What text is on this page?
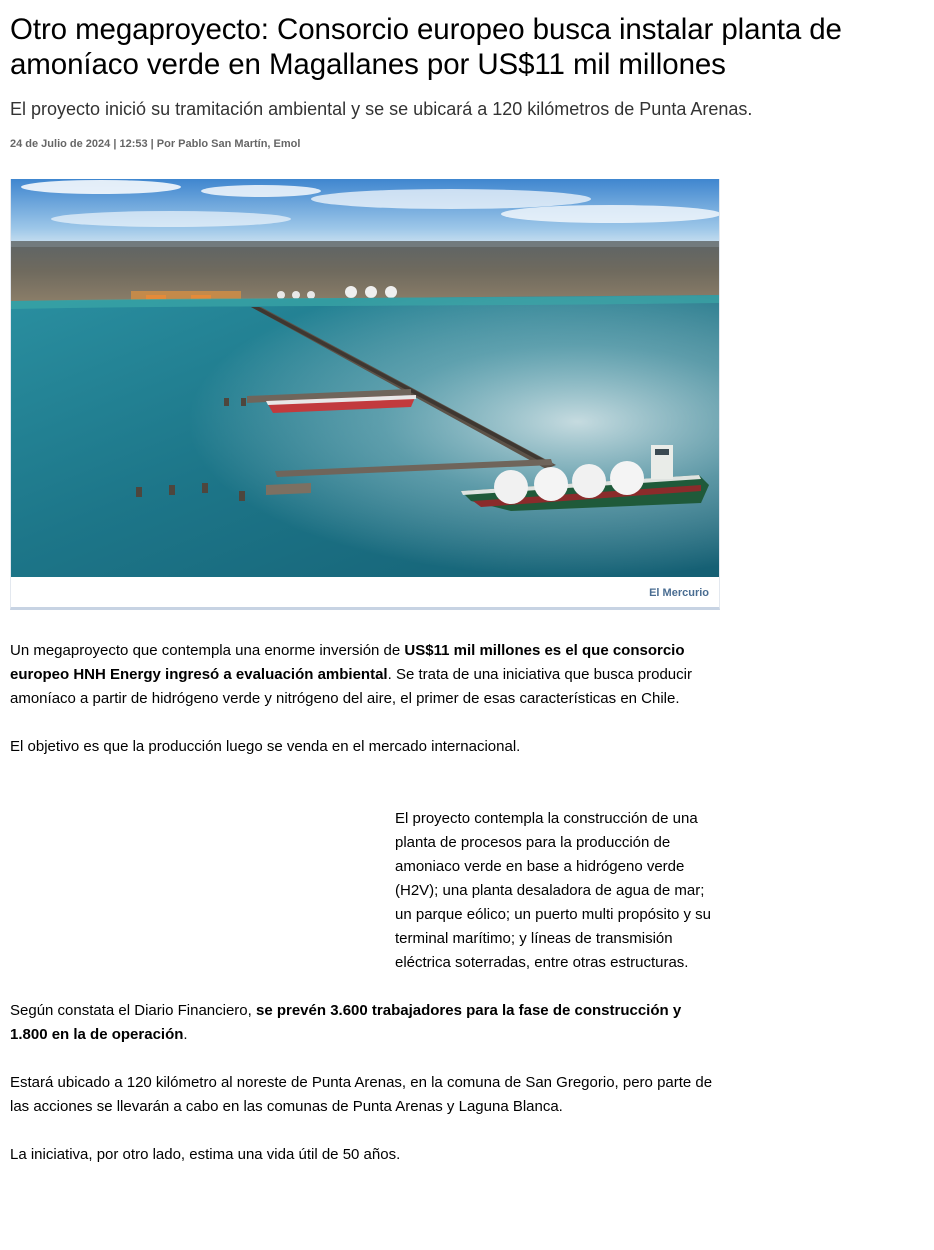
Otro megaproyecto: Consorcio europeo busca instalar planta de amoníaco verde en Magallanes por US$11 mil millones
El proyecto inició su tramitación ambiental y se se ubicará a 120 kilómetros de Punta Arenas.
24 de Julio de 2024 | 12:53 | Por Pablo San Martín, Emol
El Mercurio

Un megaproyecto que contempla una enorme inversión de US$11 mil millones es el que consorcio europeo HNH Energy ingresó a evaluación ambiental. Se trata de una iniciativa que busca producir amoníaco a partir de hidrógeno verde y nitrógeno del aire, el primer de esas características en Chile.

El objetivo es que la producción luego se venda en el mercado internacional.

El proyecto contempla la construcción de una planta de procesos para la producción de amoniaco verde en base a hidrógeno verde (H2V); una planta desaladora de agua de mar; un parque eólico; un puerto multi propósito y su terminal marítimo; y líneas de transmisión eléctrica soterradas, entre otras estructuras.

Según constata el Diario Financiero, se prevén 3.600 trabajadores para la fase de construcción y 1.800 en la de operación.

Estará ubicado a 120 kilómetro al noreste de Punta Arenas, en la comuna de San Gregorio, pero parte de las acciones se llevarán a cabo en las comunas de Punta Arenas y Laguna Blanca.

La iniciativa, por otro lado, estima una vida útil de 50 años.
